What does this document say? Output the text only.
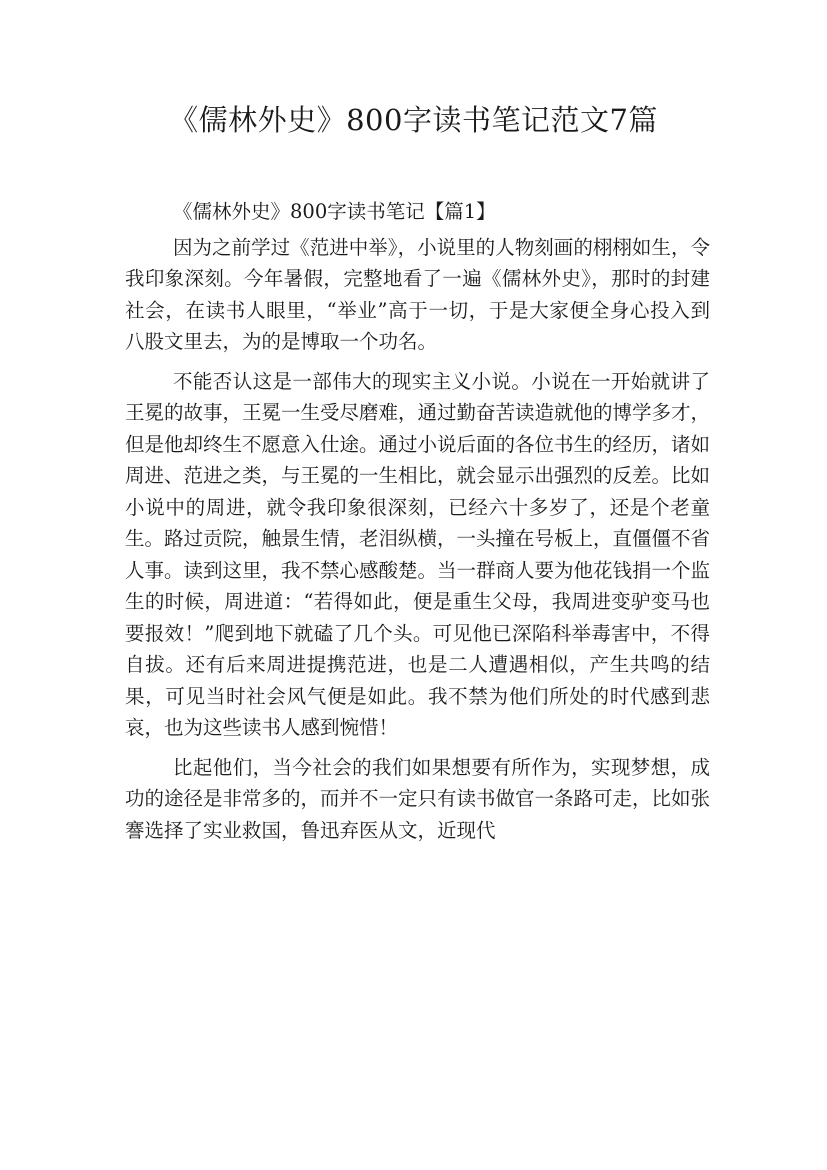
《儒林外史》800字读书笔记范文7篇

《儒林外史》800字读书笔记【篇1】

因为之前学过《范进中举》，小说里的人物刻画的栩栩如生，令我印象深刻。今年暑假，完整地看了一遍《儒林外史》，那时的封建社会，在读书人眼里，“举业”高于一切，于是大家便全身心投入到八股文里去，为的是博取一个功名。

不能否认这是一部伟大的现实主义小说。小说在一开始就讲了王冕的故事，王冕一生受尽磨难，通过勤奋苦读造就他的博学多才，但是他却终生不愿意入仕途。通过小说后面的各位书生的经历，诸如周进、范进之类，与王冕的一生相比，就会显示出强烈的反差。比如小说中的周进，就令我印象很深刻，已经六十多岁了，还是个老童生。路过贡院，触景生情，老泪纵横，一头撞在号板上，直僵僵不省人事。读到这里，我不禁心感酸楚。当一群商人要为他花钱捐一个监生的时候，周进道：“若得如此，便是重生父母，我周进变驴变马也要报效！”爬到地下就磕了几个头。可见他已深陷科举毒害中，不得自拔。还有后来周进提携范进，也是二人遭遇相似，产生共鸣的结果，可见当时社会风气便是如此。我不禁为他们所处的时代感到悲哀，也为这些读书人感到惋惜！

比起他们，当今社会的我们如果想要有所作为，实现梦想，成功的途径是非常多的，而并不一定只有读书做官一条路可走，比如张謇选择了实业救国，鲁迅弃医从文，近现代
